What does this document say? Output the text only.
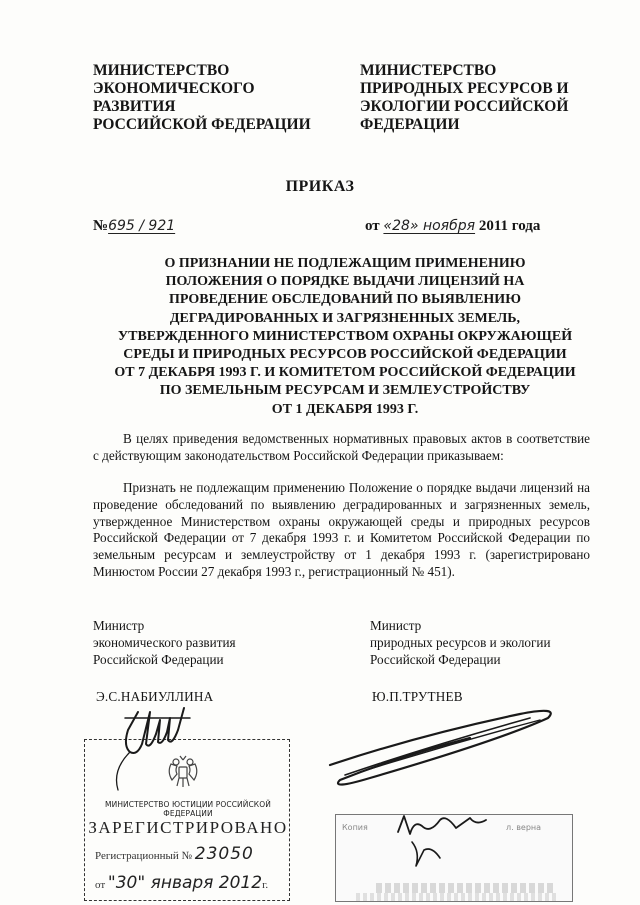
МИНИСТЕРСТВО
ЭКОНОМИЧЕСКОГО
РАЗВИТИЯ
РОССИЙСКОЙ ФЕДЕРАЦИИ
МИНИСТЕРСТВО
ПРИРОДНЫХ РЕСУРСОВ И
ЭКОЛОГИИ РОССИЙСКОЙ
ФЕДЕРАЦИИ
ПРИКАЗ
№695 / 921	от «28» ноября 2011 года
О ПРИЗНАНИИ НЕ ПОДЛЕЖАЩИМ ПРИМЕНЕНИЮ
ПОЛОЖЕНИЯ О ПОРЯДКЕ ВЫДАЧИ ЛИЦЕНЗИЙ НА
ПРОВЕДЕНИЕ ОБСЛЕДОВАНИЙ ПО ВЫЯВЛЕНИЮ
ДЕГРАДИРОВАННЫХ И ЗАГРЯЗНЕННЫХ ЗЕМЕЛЬ,
УТВЕРЖДЕННОГО МИНИСТЕРСТВОМ ОХРАНЫ ОКРУЖАЮЩЕЙ
СРЕДЫ И ПРИРОДНЫХ РЕСУРСОВ РОССИЙСКОЙ ФЕДЕРАЦИИ
ОТ 7 ДЕКАБРЯ 1993 Г. И КОМИТЕТОМ РОССИЙСКОЙ ФЕДЕРАЦИИ
ПО ЗЕМЕЛЬНЫМ РЕСУРСАМ И ЗЕМЛЕУСТРОЙСТВУ
ОТ 1 ДЕКАБРЯ 1993 Г.

В целях приведения ведомственных нормативных правовых актов в соответствие с действующим законодательством Российской Федерации приказываем:

Признать не подлежащим применению Положение о порядке выдачи лицензий на проведение обследований по выявлению деградированных и загрязненных земель, утвержденное Министерством охраны окружающей среды и природных ресурсов Российской Федерации от 7 декабря 1993 г. и Комитетом Российской Федерации по земельным ресурсам и землеустройству от 1 декабря 1993 г. (зарегистрировано Минюстом России 27 декабря 1993 г., регистрационный № 451).

Министр
экономического развития
Российской Федерации
Министр
природных ресурсов и экологии
Российской Федерации
Э.С.НАБИУЛЛИНА	Ю.П.ТРУТНЕВ
МИНИСТЕРСТВО ЮСТИЦИИ РОССИЙСКОЙ ФЕДЕРАЦИИ
ЗАРЕГИСТРИРОВАНО
Регистрационный № 23050
от "30" января 2012г.
Копия	л. верна
